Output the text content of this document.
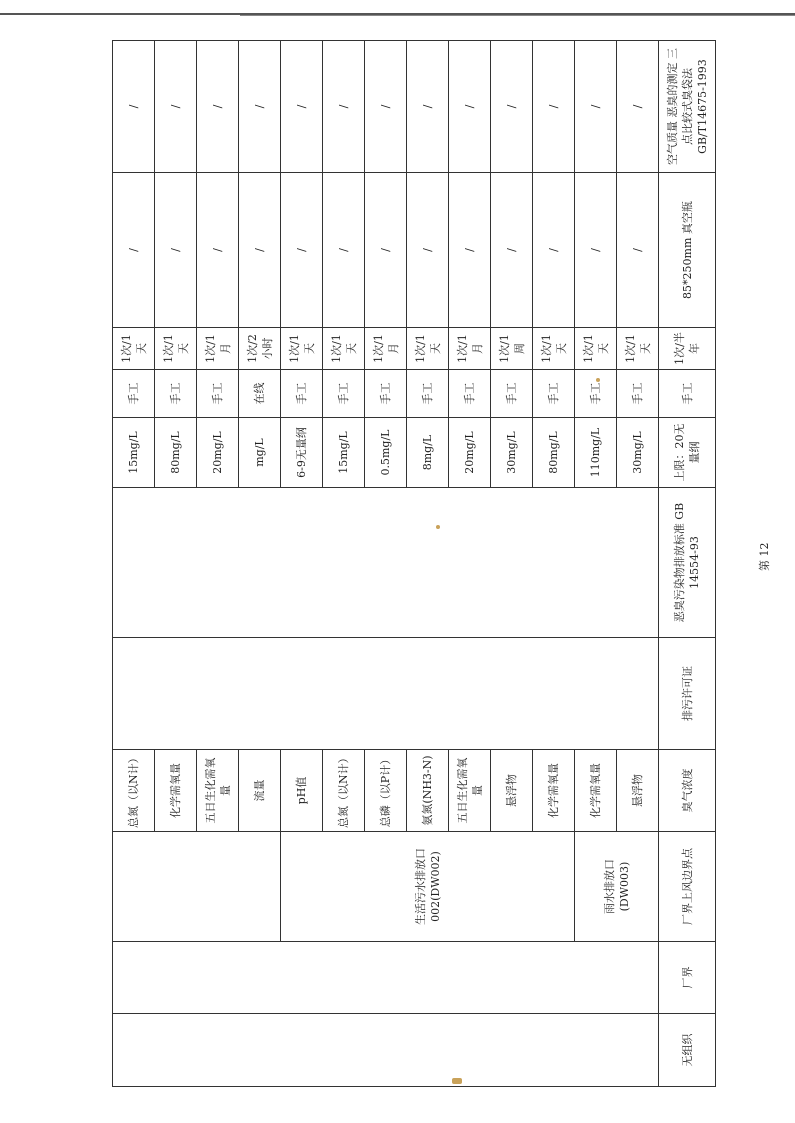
			总氮（以N计）			15mg/L	手工	1次/1天	/	/
			化学需氧量			80mg/L	手工	1次/1天	/	/
			五日生化需氧量			20mg/L	手工	1次/1月	/	/
			流量			mg/L	在线	1次/2小时	/	/
		生活污水排放口002(DW002)	pH值			6-9无量纲	手工	1次/1天	/	/
			总氮（以N计）			15mg/L	手工	1次/1天	/	/
			总磷（以P计）			0.5mg/L	手工	1次/1月	/	/
			氨氮(NH3-N)			8mg/L	手工	1次/1天	/	/
			五日生化需氧量			20mg/L	手工	1次/1月	/	/
			悬浮物			30mg/L	手工	1次/1周	/	/
			化学需氧量			80mg/L	手工	1次/1天	/	/
		雨水排放口(DW003)	化学需氧量			110mg/L	手工	1次/1天	/	/
			悬浮物			30mg/L	手工	1次/1天	/	/
无组织	厂界	厂界上风边界点	臭气浓度	排污许可证	恶臭污染物排放标准 GB 14554-93	上限：20无量纲	手工	1次/半年	85*250mm 真空瓶	空气质量 恶臭的测定 三点比较式臭袋法 GB/T14675-1993
第 12
